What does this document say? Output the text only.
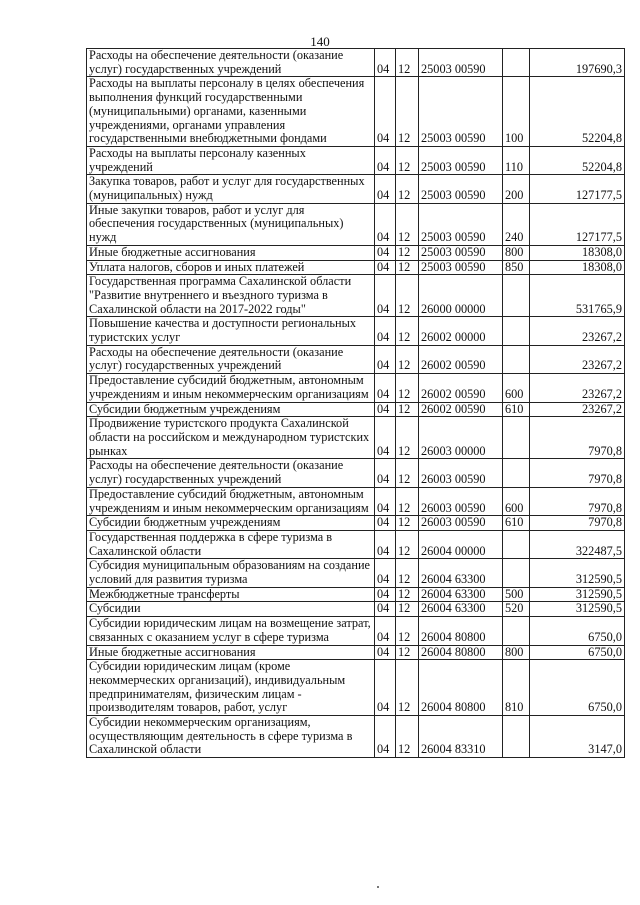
140
Расходы на обеспечение деятельности (оказание услуг) государственных учреждений	04	12	25003 00590		197690,3
Расходы на выплаты персоналу в целях обеспечения выполнения функций государственными (муниципальными) органами, казенными учреждениями, органами управления государственными внебюджетными фондами	04	12	25003 00590	100	52204,8
Расходы на выплаты персоналу казенных учреждений	04	12	25003 00590	110	52204,8
Закупка товаров, работ и услуг для государственных (муниципальных) нужд	04	12	25003 00590	200	127177,5
Иные закупки товаров, работ и услуг для обеспечения государственных (муниципальных) нужд	04	12	25003 00590	240	127177,5
Иные бюджетные ассигнования	04	12	25003 00590	800	18308,0
Уплата налогов, сборов и иных платежей	04	12	25003 00590	850	18308,0
Государственная программа Сахалинской области "Развитие внутреннего и въездного туризма в Сахалинской области на 2017-2022 годы"	04	12	26000 00000		531765,9
Повышение качества и доступности региональных туристских услуг	04	12	26002 00000		23267,2
Расходы на обеспечение деятельности (оказание услуг) государственных учреждений	04	12	26002 00590		23267,2
Предоставление субсидий бюджетным, автономным учреждениям и иным некоммерческим организациям	04	12	26002 00590	600	23267,2
Субсидии бюджетным учреждениям	04	12	26002 00590	610	23267,2
Продвижение туристского продукта Сахалинской области на российском и международном туристских рынках	04	12	26003 00000		7970,8
Расходы на обеспечение деятельности (оказание услуг) государственных учреждений	04	12	26003 00590		7970,8
Предоставление субсидий бюджетным, автономным учреждениям и иным некоммерческим организациям	04	12	26003 00590	600	7970,8
Субсидии бюджетным учреждениям	04	12	26003 00590	610	7970,8
Государственная поддержка в сфере туризма в Сахалинской области	04	12	26004 00000		322487,5
Субсидия муниципальным образованиям на создание условий для развития туризма	04	12	26004 63300		312590,5
Межбюджетные трансферты	04	12	26004 63300	500	312590,5
Субсидии	04	12	26004 63300	520	312590,5
Субсидии юридическим лицам на возмещение затрат, связанных с оказанием услуг в сфере туризма	04	12	26004 80800		6750,0
Иные бюджетные ассигнования	04	12	26004 80800	800	6750,0
Субсидии юридическим лицам (кроме некоммерческих организаций), индивидуальным предпринимателям, физическим лицам - производителям товаров, работ, услуг	04	12	26004 80800	810	6750,0
Субсидии некоммерческим организациям, осуществляющим деятельность в сфере туризма в Сахалинской области	04	12	26004 83310		3147,0
